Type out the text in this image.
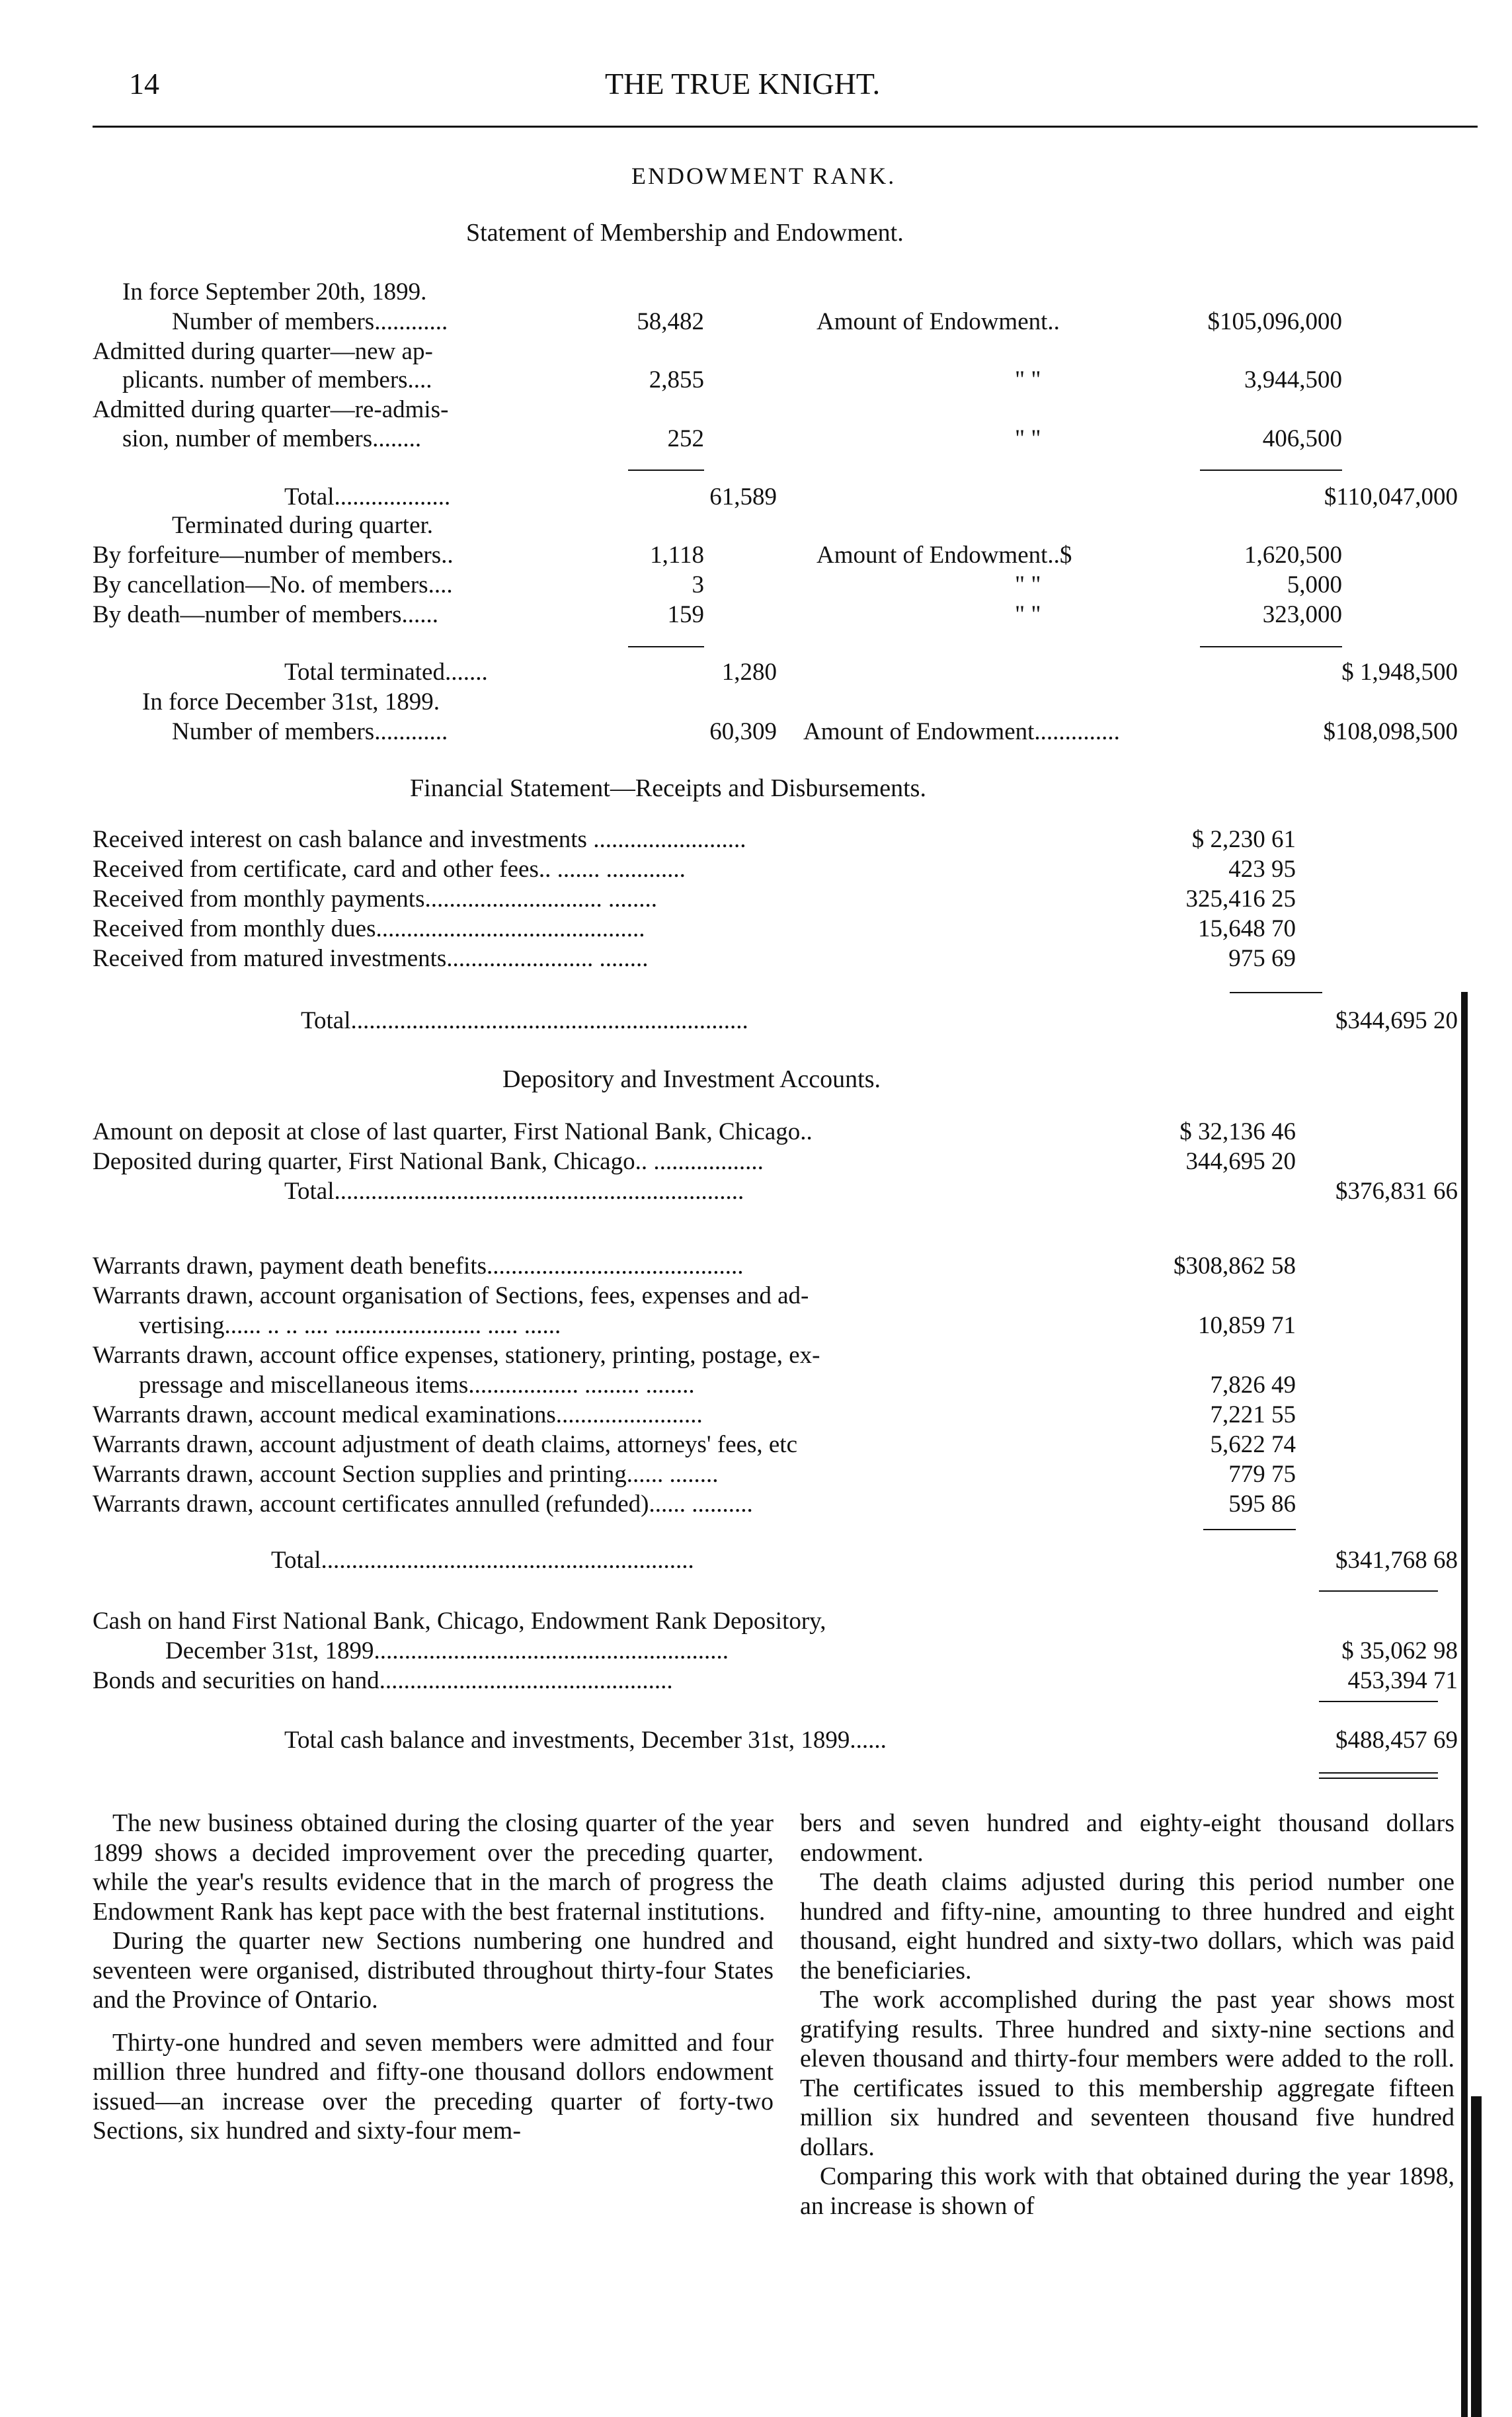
14	THE TRUE KNIGHT.
ENDOWMENT RANK.
Statement of Membership and Endowment.
In force September 20th, 1899.
Number of members............	58,482	Amount of Endowment..	$105,096,000
Admitted during quarter—new ap-
plicants. number of members....	2,855	" "	3,944,500
Admitted during quarter—re-admis-
sion, number of members........	252	" "	406,500
Total...................	61,589	$110,047,000
Terminated during quarter.
By forfeiture—number of members..	1,118	Amount of Endowment..$	1,620,500
By cancellation—No. of members....	3	" "	5,000
By death—number of members......	159	" "	323,000
Total terminated.......	1,280	$ 1,948,500
In force December 31st, 1899.
Number of members............	60,309 Amount of Endowment..............	$108,098,500
Financial Statement—Receipts and Disbursements.
Received interest on cash balance and investments .........................	$ 2,230 61
Received from certificate, card and other fees.. ....... .............	423 95
Received from monthly payments............................. ........	325,416 25
Received from monthly dues............................................	15,648 70
Received from matured investments........................ ........	975 69
Total.................................................................	$344,695 20
Depository and Investment Accounts.
Amount on deposit at close of last quarter, First National Bank, Chicago..	$ 32,136 46
Deposited during quarter, First National Bank, Chicago.. ..................	344,695 20
Total...................................................................	$376,831 66
Warrants drawn, payment death benefits..........................................	$308,862 58
Warrants drawn, account organisation of Sections, fees, expenses and ad-
vertising...... .. .. .... ........................ ..... ......	10,859 71
Warrants drawn, account office expenses, stationery, printing, postage, ex-
pressage and miscellaneous items.................. ......... ........	7,826 49
Warrants drawn, account medical examinations........................	7,221 55
Warrants drawn, account adjustment of death claims, attorneys' fees, etc	5,622 74
Warrants drawn, account Section supplies and printing...... ........	779 75
Warrants drawn, account certificates annulled (refunded)...... ..........	595 86
Total.............................................................	$341,768 68
Cash on hand First National Bank, Chicago, Endowment Rank Depository,
December 31st, 1899..........................................................	$ 35,062 98
Bonds and securities on hand................................................	453,394 71
Total cash balance and investments, December 31st, 1899......	$488,457 69

The new business obtained during the closing quarter of the year 1899 shows a decided improvement over the preceding quarter, while the year's results evidence that in the march of progress the Endowment Rank has kept pace with the best fraternal institutions.

During the quarter new Sections numbering one hundred and seventeen were organised, distributed throughout thirty-four States and the Province of Ontario.

Thirty-one hundred and seven members were admitted and four million three hundred and fifty-one thousand dollors endowment issued—an increase over the preceding quarter of forty-two Sections, six hundred and sixty-four mem-

bers and seven hundred and eighty-eight thousand dollars endowment.

The death claims adjusted during this period number one hundred and fifty-nine, amounting to three hundred and eight thousand, eight hundred and sixty-two dollars, which was paid the beneficiaries.

The work accomplished during the past year shows most gratifying results. Three hundred and sixty-nine sections and eleven thousand and thirty-four members were added to the roll. The certificates issued to this membership aggregate fifteen million six hundred and seventeen thousand five hundred dollars.

Comparing this work with that obtained during the year 1898, an increase is shown of
